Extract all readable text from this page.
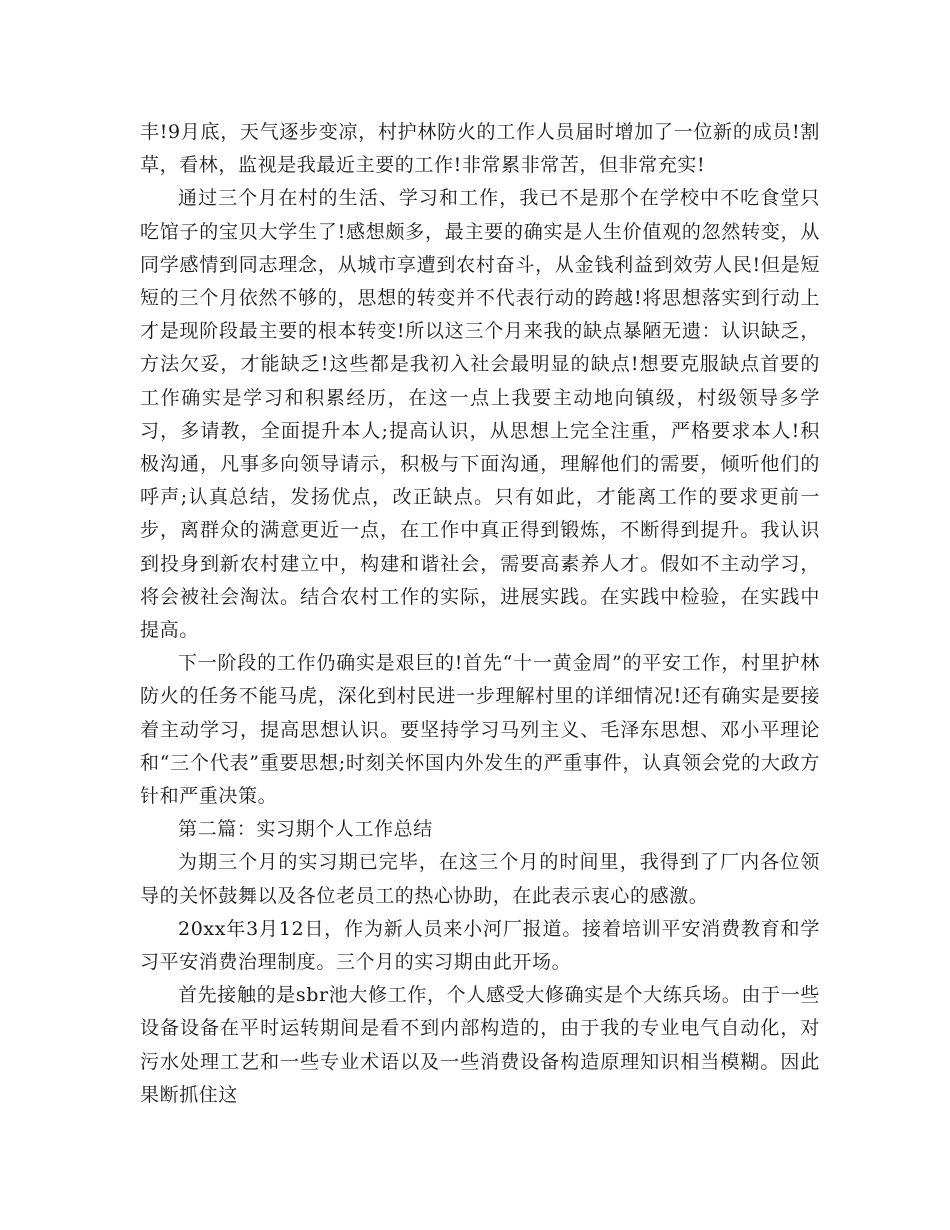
丰!9月底，天气逐步变凉，村护林防火的工作人员届时增加了一位新的成员!割草，看林，监视是我最近主要的工作!非常累非常苦，但非常充实!

通过三个月在村的生活、学习和工作，我已不是那个在学校中不吃食堂只吃馆子的宝贝大学生了!感想颇多，最主要的确实是人生价值观的忽然转变，从同学感情到同志理念，从城市享遭到农村奋斗，从金钱利益到效劳人民!但是短短的三个月依然不够的，思想的转变并不代表行动的跨越!将思想落实到行动上才是现阶段最主要的根本转变!所以这三个月来我的缺点暴陋无遗：认识缺乏，方法欠妥，才能缺乏!这些都是我初入社会最明显的缺点!想要克服缺点首要的工作确实是学习和积累经历，在这一点上我要主动地向镇级，村级领导多学习，多请教，全面提升本人;提高认识，从思想上完全注重，严格要求本人!积极沟通，凡事多向领导请示，积极与下面沟通，理解他们的需要，倾听他们的呼声;认真总结，发扬优点，改正缺点。只有如此，才能离工作的要求更前一步，离群众的满意更近一点，在工作中真正得到锻炼，不断得到提升。我认识到投身到新农村建立中，构建和谐社会，需要高素养人才。假如不主动学习，将会被社会淘汰。结合农村工作的实际，进展实践。在实践中检验，在实践中提高。

下一阶段的工作仍确实是艰巨的!首先“十一黄金周”的平安工作，村里护林防火的任务不能马虎，深化到村民进一步理解村里的详细情况!还有确实是要接着主动学习，提高思想认识。要坚持学习马列主义、毛泽东思想、邓小平理论和“三个代表”重要思想;时刻关怀国内外发生的严重事件，认真领会党的大政方针和严重决策。

第二篇：实习期个人工作总结

为期三个月的实习期已完毕，在这三个月的时间里，我得到了厂内各位领导的关怀鼓舞以及各位老员工的热心协助，在此表示衷心的感激。

20xx年3月12日，作为新人员来小河厂报道。接着培训平安消费教育和学习平安消费治理制度。三个月的实习期由此开场。

首先接触的是sbr池大修工作，个人感受大修确实是个大练兵场。由于一些设备设备在平时运转期间是看不到内部构造的，由于我的专业电气自动化，对污水处理工艺和一些专业术语以及一些消费设备构造原理知识相当模糊。因此果断抓住这
